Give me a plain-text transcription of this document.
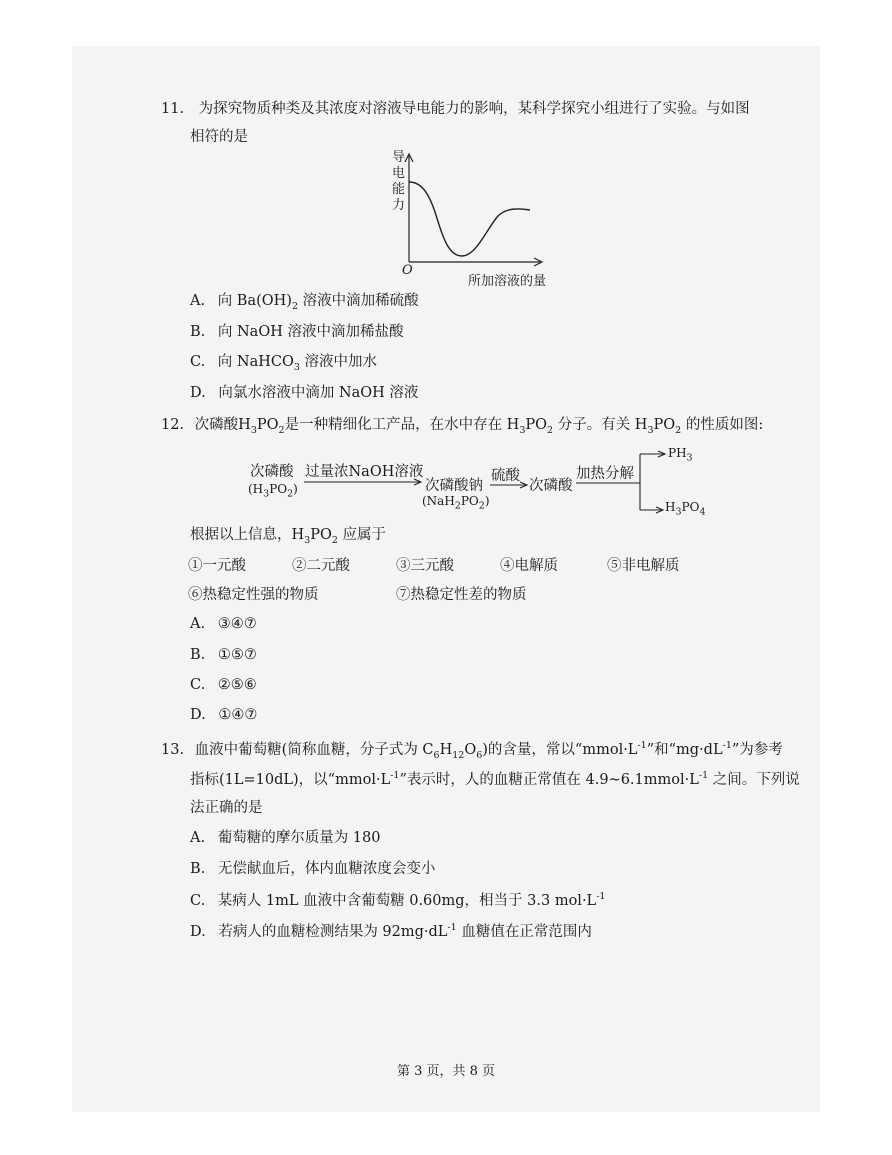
11. 为探究物质种类及其浓度对溶液导电能力的影响，某科学探究小组进行了实验。与如图
相符的是
导电能力
O
所加溶液的量
A. 向 $Ba(OH)_2$ 溶液中滴加稀硫酸
B. 向 NaOH 溶液中滴加稀盐酸
C. 向 NaHCO$_3$ 溶液中加水
D. 向氯水溶液中滴加 NaOH 溶液
12. 次磷酸$H_3PO_2$是一种精细化工产品，在水中存在 $H_3PO_2$ 分子。有关 $H_3PO_2$ 的性质如图:
次磷酸
$(H_3PO_2)$
过量浓NaOH溶液
次磷酸钠
$(NaH_2PO_2)$
硫酸
次磷酸
加热分解
$PH_3$
$H_3PO_4$
根据以上信息，$H_3PO_2$ 应属于
①一元酸	②二元酸	③三元酸	④电解质	⑤非电解质
⑥热稳定性强的物质	⑦热稳定性差的物质
A. ③④⑦
B. ①⑤⑦
C. ②⑤⑥
D. ①④⑦
13. 血液中葡萄糖(简称血糖，分子式为 $C_6H_{12}O_6$)的含量，常以“$mmol\cdot L^{-1}$”和“$mg\cdot dL^{-1}$”为参考
指标(1L=10dL)，以“$mmol\cdot L^{-1}$”表示时，人的血糖正常值在 $4.9\sim 6.1mmol\cdot L^{-1}$ 之间。下列说
法正确的是
A. 葡萄糖的摩尔质量为 180
B. 无偿献血后，体内血糖浓度会变小
C. 某病人 1mL 血液中含葡萄糖 0.60mg，相当于 3.3 $mol\cdot L^{-1}$
D. 若病人的血糖检测结果为 $92mg\cdot dL^{-1}$ 血糖值在正常范围内
第 3 页，共 8 页
